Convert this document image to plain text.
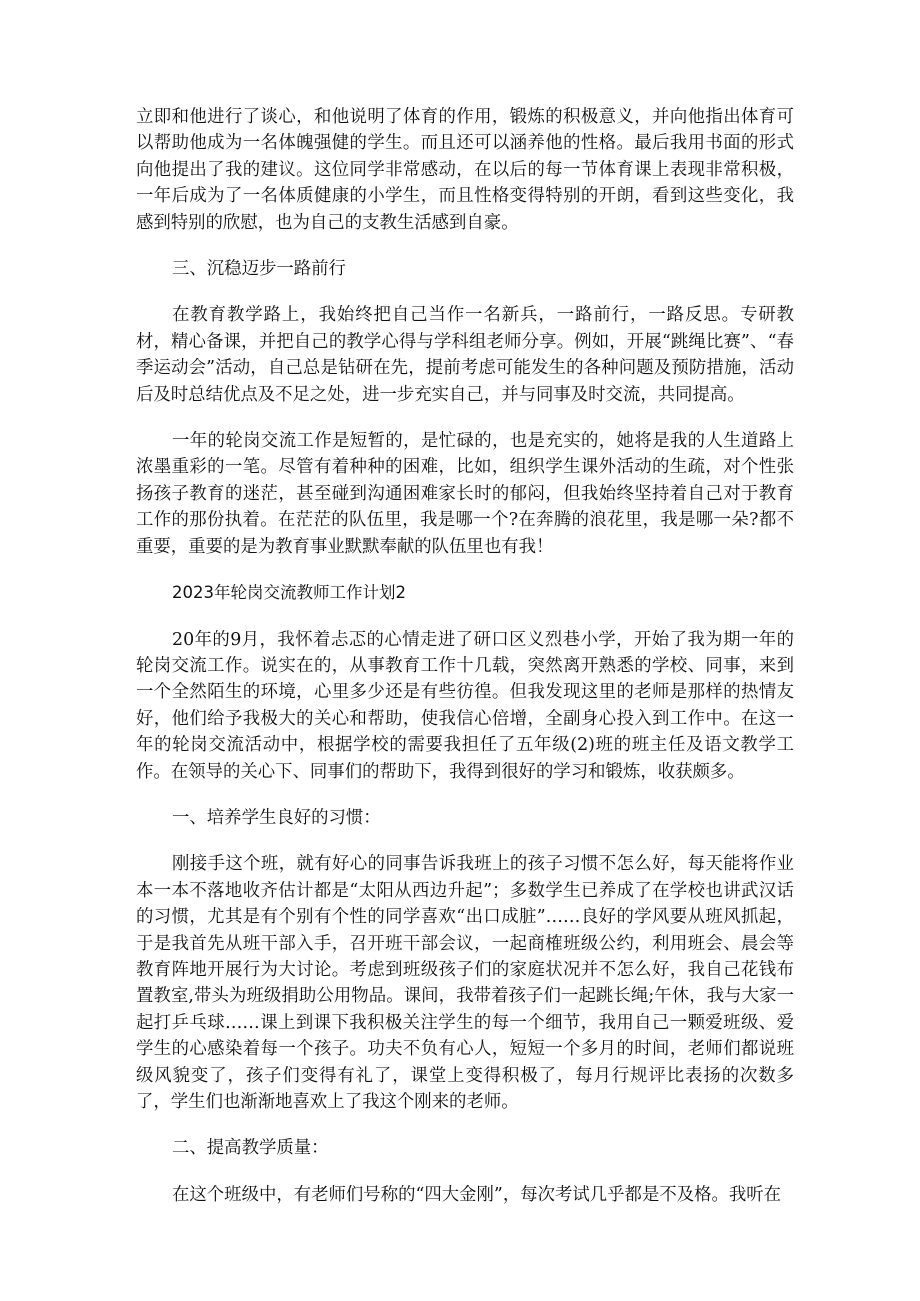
立即和他进行了谈心，和他说明了体育的作用，锻炼的积极意义，并向他指出体育可以帮助他成为一名体魄强健的学生。而且还可以涵养他的性格。最后我用书面的形式向他提出了我的建议。这位同学非常感动，在以后的每一节体育课上表现非常积极，一年后成为了一名体质健康的小学生，而且性格变得特别的开朗，看到这些变化，我感到特别的欣慰，也为自己的支教生活感到自豪。

三、沉稳迈步一路前行

在教育教学路上，我始终把自己当作一名新兵，一路前行，一路反思。专研教材，精心备课，并把自己的教学心得与学科组老师分享。例如，开展“跳绳比赛”、“春季运动会”活动，自己总是钻研在先，提前考虑可能发生的各种问题及预防措施，活动后及时总结优点及不足之处，进一步充实自己，并与同事及时交流，共同提高。

一年的轮岗交流工作是短暂的，是忙碌的，也是充实的，她将是我的人生道路上浓墨重彩的一笔。尽管有着种种的困难，比如，组织学生课外活动的生疏，对个性张扬孩子教育的迷茫，甚至碰到沟通困难家长时的郁闷，但我始终坚持着自己对于教育工作的那份执着。在茫茫的队伍里，我是哪一个?在奔腾的浪花里，我是哪一朵?都不重要，重要的是为教育事业默默奉献的队伍里也有我！

2023年轮岗交流教师工作计划2

20年的9月，我怀着忐忑的心情走进了研口区义烈巷小学，开始了我为期一年的轮岗交流工作。说实在的，从事教育工作十几载，突然离开熟悉的学校、同事，来到一个全然陌生的环境，心里多少还是有些彷徨。但我发现这里的老师是那样的热情友好，他们给予我极大的关心和帮助，使我信心倍增，全副身心投入到工作中。在这一年的轮岗交流活动中，根据学校的需要我担任了五年级(2)班的班主任及语文教学工作。在领导的关心下、同事们的帮助下，我得到很好的学习和锻炼，收获颇多。

一、培养学生良好的习惯：

刚接手这个班，就有好心的同事告诉我班上的孩子习惯不怎么好，每天能将作业本一本不落地收齐估计都是“太阳从西边升起”；多数学生已养成了在学校也讲武汉话的习惯，尤其是有个别有个性的同学喜欢“出口成脏”……良好的学风要从班风抓起，于是我首先从班干部入手，召开班干部会议，一起商榷班级公约，利用班会、晨会等教育阵地开展行为大讨论。考虑到班级孩子们的家庭状况并不怎么好，我自己花钱布置教室,带头为班级捐助公用物品。课间，我带着孩子们一起跳长绳;午休，我与大家一起打乒乓球……课上到课下我积极关注学生的每一个细节，我用自己一颗爱班级、爱学生的心感染着每一个孩子。功夫不负有心人，短短一个多月的时间，老师们都说班级风貌变了，孩子们变得有礼了，课堂上变得积极了，每月行规评比表扬的次数多了，学生们也渐渐地喜欢上了我这个刚来的老师。

二、提高教学质量：

在这个班级中，有老师们号称的“四大金刚”，每次考试几乎都是不及格。我听在
